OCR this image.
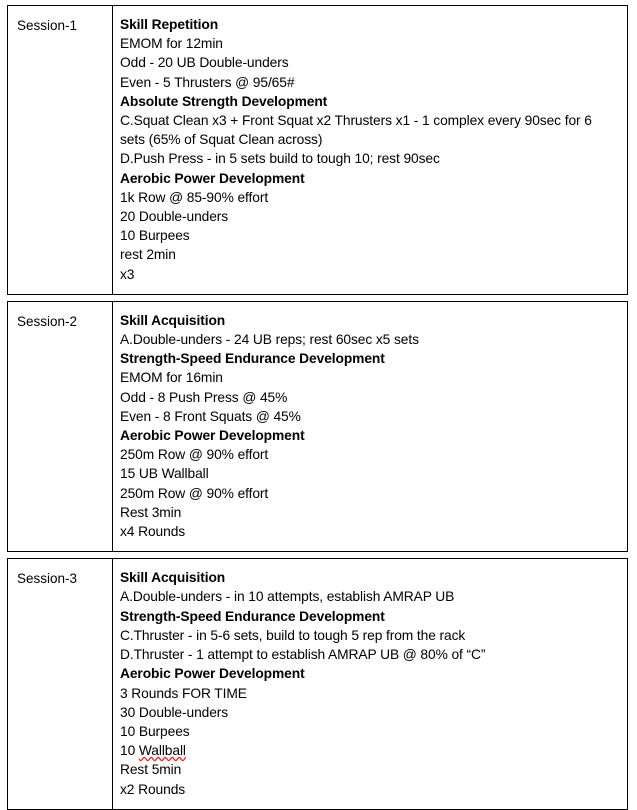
Session-1	Skill Repetition
EMOM for 12min
Odd - 20 UB Double-unders
Even - 5 Thrusters @ 95/65#
Absolute Strength Development
C.Squat Clean x3 + Front Squat x2 Thrusters x1 - 1 complex every 90sec for 6 sets (65% of Squat Clean across)
D.Push Press - in 5 sets build to tough 10; rest 90sec
Aerobic Power Development
1k Row @ 85-90% effort
20 Double-unders
10 Burpees
rest 2min
x3
Session-2	Skill Acquisition
A.Double-unders - 24 UB reps; rest 60sec x5 sets
Strength-Speed Endurance Development
EMOM for 16min
Odd - 8 Push Press @ 45%
Even - 8 Front Squats @ 45%
Aerobic Power Development
250m Row @ 90% effort
15 UB Wallball
250m Row @ 90% effort
Rest 3min
x4 Rounds
Session-3	Skill Acquisition
A.Double-unders - in 10 attempts, establish AMRAP UB
Strength-Speed Endurance Development
C.Thruster - in 5-6 sets, build to tough 5 rep from the rack
D.Thruster - 1 attempt to establish AMRAP UB @ 80% of “C”
Aerobic Power Development
3 Rounds FOR TIME
30 Double-unders
10 Burpees
10 Wallball
Rest 5min
x2 Rounds
